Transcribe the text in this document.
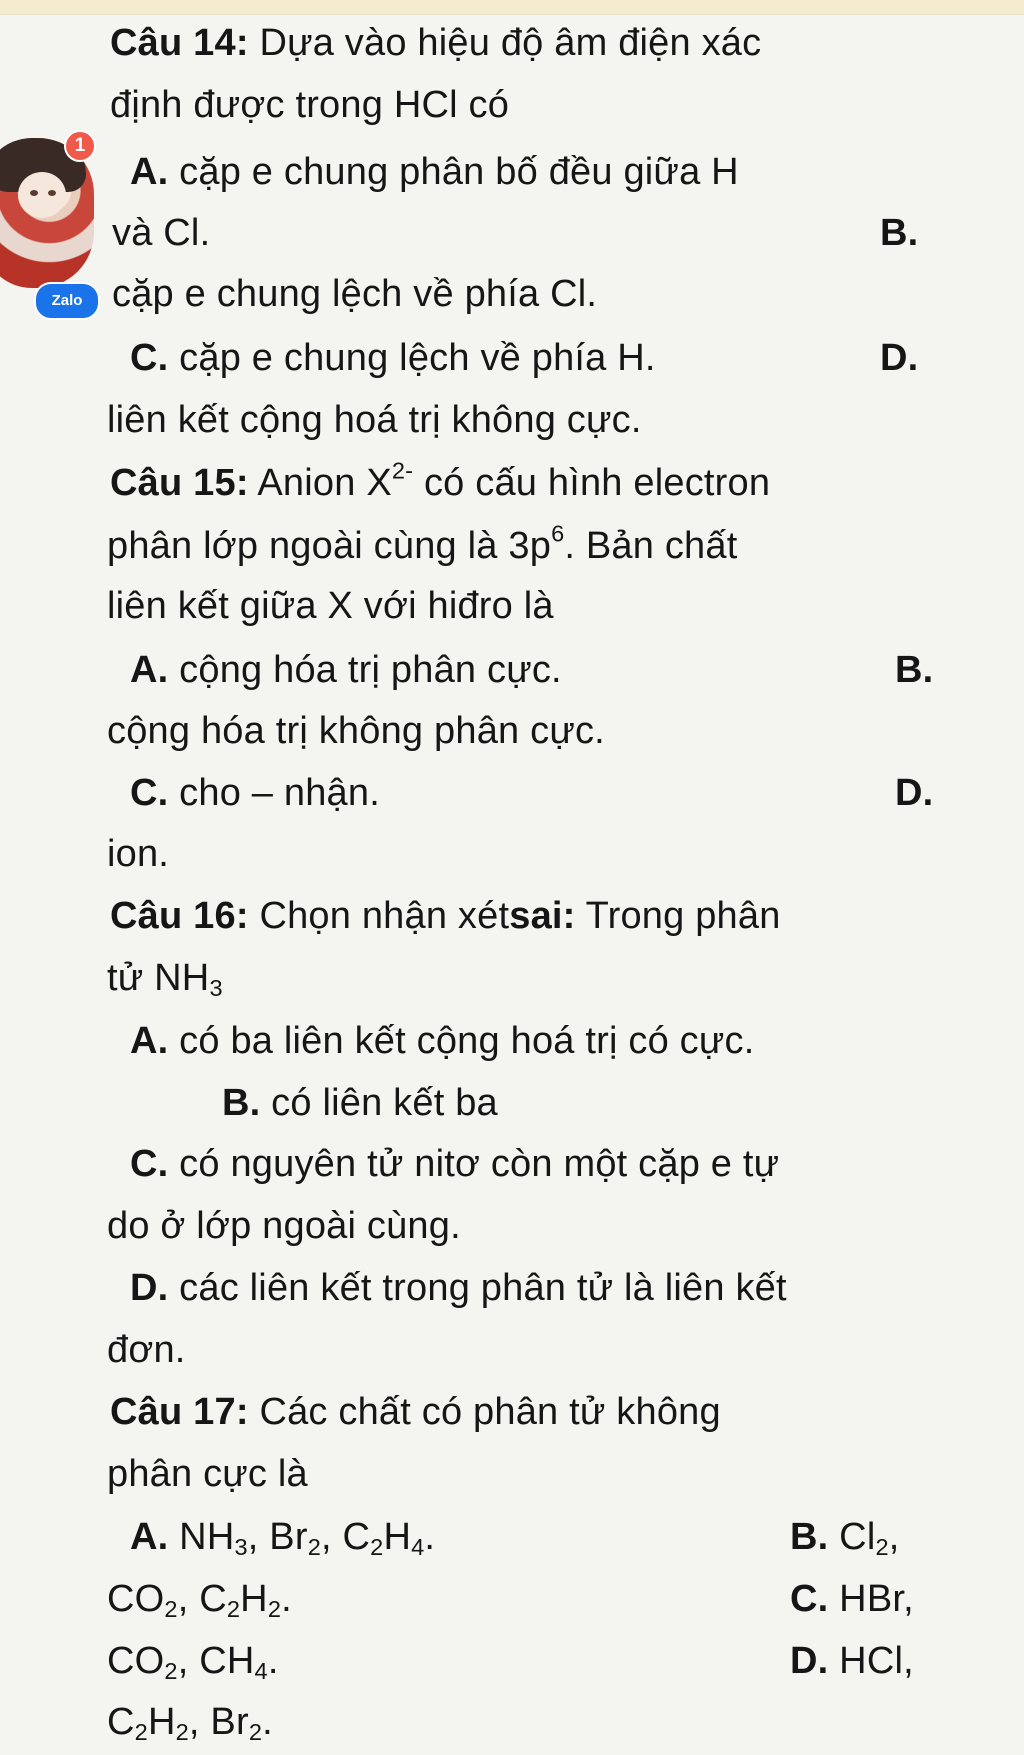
Câu 14: Dựa vào hiệu độ âm điện xác
định được trong HCl có
A. cặp e chung phân bố đều giữa H
và Cl.	B.
cặp e chung lệch về phía Cl.
C. cặp e chung lệch về phía H.	D.
liên kết cộng hoá trị không cực.
Câu 15: Anion $X^{2-}$ có cấu hình electron
phân lớp ngoài cùng là $3p^6$. Bản chất
liên kết giữa X với hiđro là
A. cộng hóa trị phân cực.	B.
cộng hóa trị không phân cực.
C. cho – nhận.	D.
ion.
Câu 16: Chọn nhận xétsai: Trong phân
tử $NH_3$
A. có ba liên kết cộng hoá trị có cực.
B. có liên kết ba
C. có nguyên tử nitơ còn một cặp e tự
do ở lớp ngoài cùng.
D. các liên kết trong phân tử là liên kết
đơn.
Câu 17: Các chất có phân tử không
phân cực là
A. $NH_3$, $Br_2$, $C_2H_4$.	B. $Cl_2$,
$CO_2$, $C_2H_2$.	C. HBr,
$CO_2$, $CH_4$.	D. HCl,
$C_2H_2$, $Br_2$.
1
Zalo
